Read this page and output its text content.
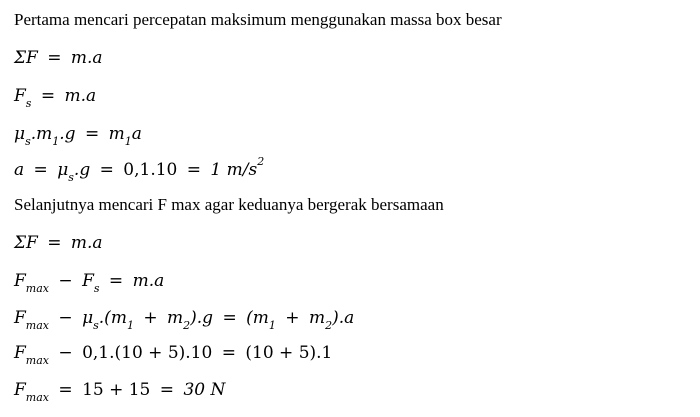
Pertama mencari percepatan maksimum menggunakan massa box besar
ΣF = m.a
$F_s = m.a$
$\mu_s.m_1.g = m_1a$
$a = \mu_s.g = 0,1.10 = 1$ $m/s^2$
Selanjutnya mencari F max agar keduanya bergerak bersamaan
ΣF = m.a
$F_{max} - F_s = m.a$
$F_{max} - \mu_s.(m_1 + m_2).g = (m_1 + m_2).a$
$F_{max} - 0,1.(10 + 5).10 = (10 + 5).1$
$F_{max} = 15 + 15 = 30$ N
